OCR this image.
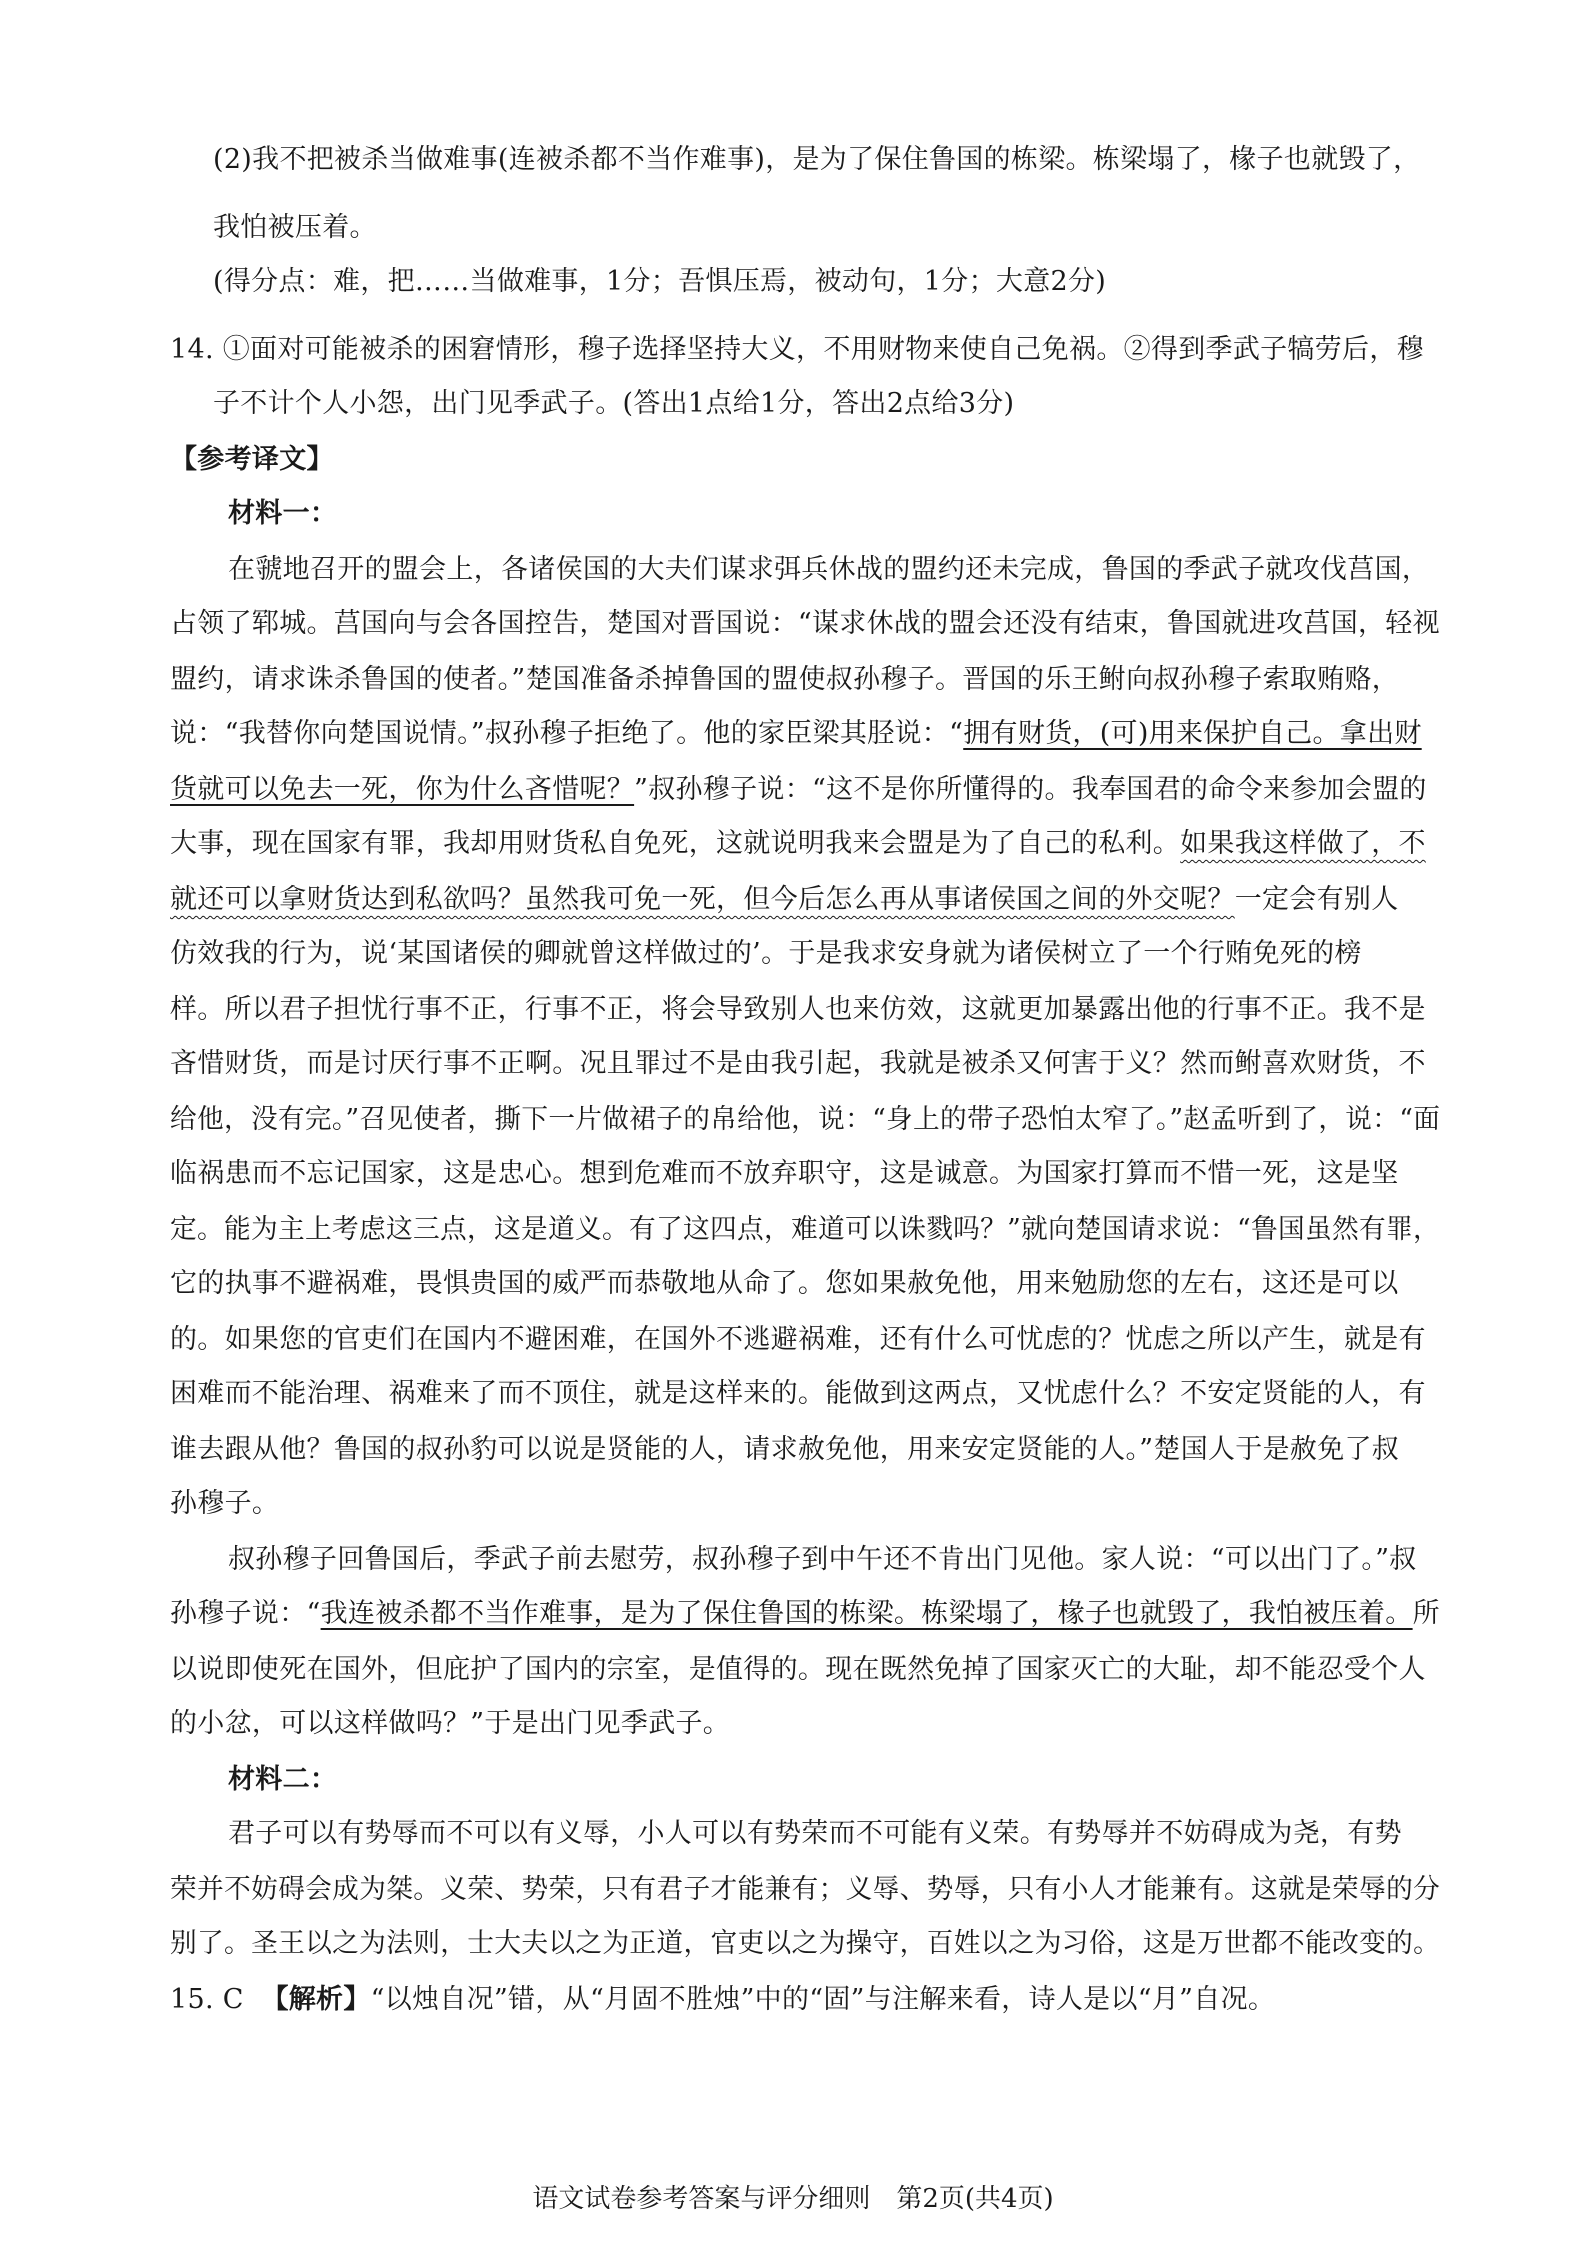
(2)我不把被杀当做难事(连被杀都不当作难事)，是为了保住鲁国的栋梁。栋梁塌了，椽子也就毁了，
我怕被压着。
(得分点：难，把……当做难事，1分；吾惧压焉，被动句，1分；大意2分)
14. ①面对可能被杀的困窘情形，穆子选择坚持大义，不用财物来使自己免祸。②得到季武子犒劳后，穆
子不计个人小怨，出门见季武子。(答出1点给1分，答出2点给3分)
【参考译文】
材料一：
在虢地召开的盟会上，各诸侯国的大夫们谋求弭兵休战的盟约还未完成，鲁国的季武子就攻伐莒国，
占领了郓城。莒国向与会各国控告，楚国对晋国说：“谋求休战的盟会还没有结束，鲁国就进攻莒国，轻视
盟约，请求诛杀鲁国的使者。”楚国准备杀掉鲁国的盟使叔孙穆子。晋国的乐王鲋向叔孙穆子索取贿赂，
说：“我替你向楚国说情。”叔孙穆子拒绝了。他的家臣梁其胫说：“拥有财货，(可)用来保护自己。拿出财
货就可以免去一死，你为什么吝惜呢？”叔孙穆子说：“这不是你所懂得的。我奉国君的命令来参加会盟的
大事，现在国家有罪，我却用财货私自免死，这就说明我来会盟是为了自己的私利。如果我这样做了，不
就还可以拿财货达到私欲吗？虽然我可免一死，但今后怎么再从事诸侯国之间的外交呢？一定会有别人
仿效我的行为，说‘某国诸侯的卿就曾这样做过的’。于是我求安身就为诸侯树立了一个行贿免死的榜
样。所以君子担忧行事不正，行事不正，将会导致别人也来仿效，这就更加暴露出他的行事不正。我不是
吝惜财货，而是讨厌行事不正啊。况且罪过不是由我引起，我就是被杀又何害于义？然而鲋喜欢财货，不
给他，没有完。”召见使者，撕下一片做裙子的帛给他，说：“身上的带子恐怕太窄了。”赵孟听到了，说：“面
临祸患而不忘记国家，这是忠心。想到危难而不放弃职守，这是诚意。为国家打算而不惜一死，这是坚
定。能为主上考虑这三点，这是道义。有了这四点，难道可以诛戮吗？”就向楚国请求说：“鲁国虽然有罪，
它的执事不避祸难，畏惧贵国的威严而恭敬地从命了。您如果赦免他，用来勉励您的左右，这还是可以
的。如果您的官吏们在国内不避困难，在国外不逃避祸难，还有什么可忧虑的？忧虑之所以产生，就是有
困难而不能治理、祸难来了而不顶住，就是这样来的。能做到这两点，又忧虑什么？不安定贤能的人，有
谁去跟从他？鲁国的叔孙豹可以说是贤能的人，请求赦免他，用来安定贤能的人。”楚国人于是赦免了叔
孙穆子。
叔孙穆子回鲁国后，季武子前去慰劳，叔孙穆子到中午还不肯出门见他。家人说：“可以出门了。”叔
孙穆子说：“我连被杀都不当作难事，是为了保住鲁国的栋梁。栋梁塌了，椽子也就毁了，我怕被压着。所
以说即使死在国外，但庇护了国内的宗室，是值得的。现在既然免掉了国家灭亡的大耻，却不能忍受个人
的小忿，可以这样做吗？”于是出门见季武子。
材料二：
君子可以有势辱而不可以有义辱，小人可以有势荣而不可能有义荣。有势辱并不妨碍成为尧，有势
荣并不妨碍会成为桀。义荣、势荣，只有君子才能兼有；义辱、势辱，只有小人才能兼有。这就是荣辱的分
别了。圣王以之为法则，士大夫以之为正道，官吏以之为操守，百姓以之为习俗，这是万世都不能改变的。
15. C 【解析】“以烛自况”错，从“月固不胜烛”中的“固”与注解来看，诗人是以“月”自况。
语文试卷参考答案与评分细则　第2页(共4页)
